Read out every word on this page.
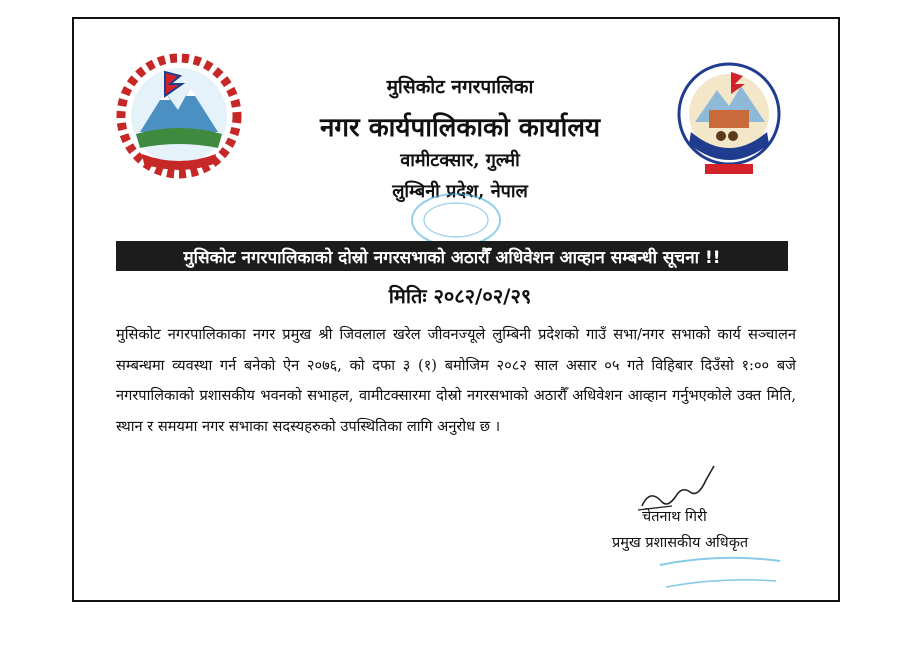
मुसिकोट नगरपालिका
नगर कार्यपालिकाको कार्यालय
वामीटक्सार, गुल्मी
लुम्बिनी प्रदेश, नेपाल
मुसिकोट नगरपालिकाको दोस्रो नगरसभाको अठारौँ अधिवेशन आव्हान सम्बन्धी सूचना !!
मितिः २०८२/०२/२९
मुसिकोट नगरपालिकाका नगर प्रमुख श्री जिवलाल खरेल जीवनज्यूले लुम्बिनी प्रदेशको गाउँ सभा/नगर सभाको कार्य सञ्चालन सम्बन्धमा व्यवस्था गर्न बनेको ऐन २०७६, को दफा ३ (१) बमोजिम २०८२ साल असार ०५ गते विहिबार दिउँसो १:०० बजे नगरपालिकाको प्रशासकीय भवनको सभाहल, वामीटक्सारमा दोस्रो नगरसभाको अठारौँ अधिवेशन आव्हान गर्नुभएकोले उक्त मिति, स्थान र समयमा नगर सभाका सदस्यहरुको उपस्थितिका लागि अनुरोध छ ।
चेतनाथ गिरी
प्रमुख प्रशासकीय अधिकृत
